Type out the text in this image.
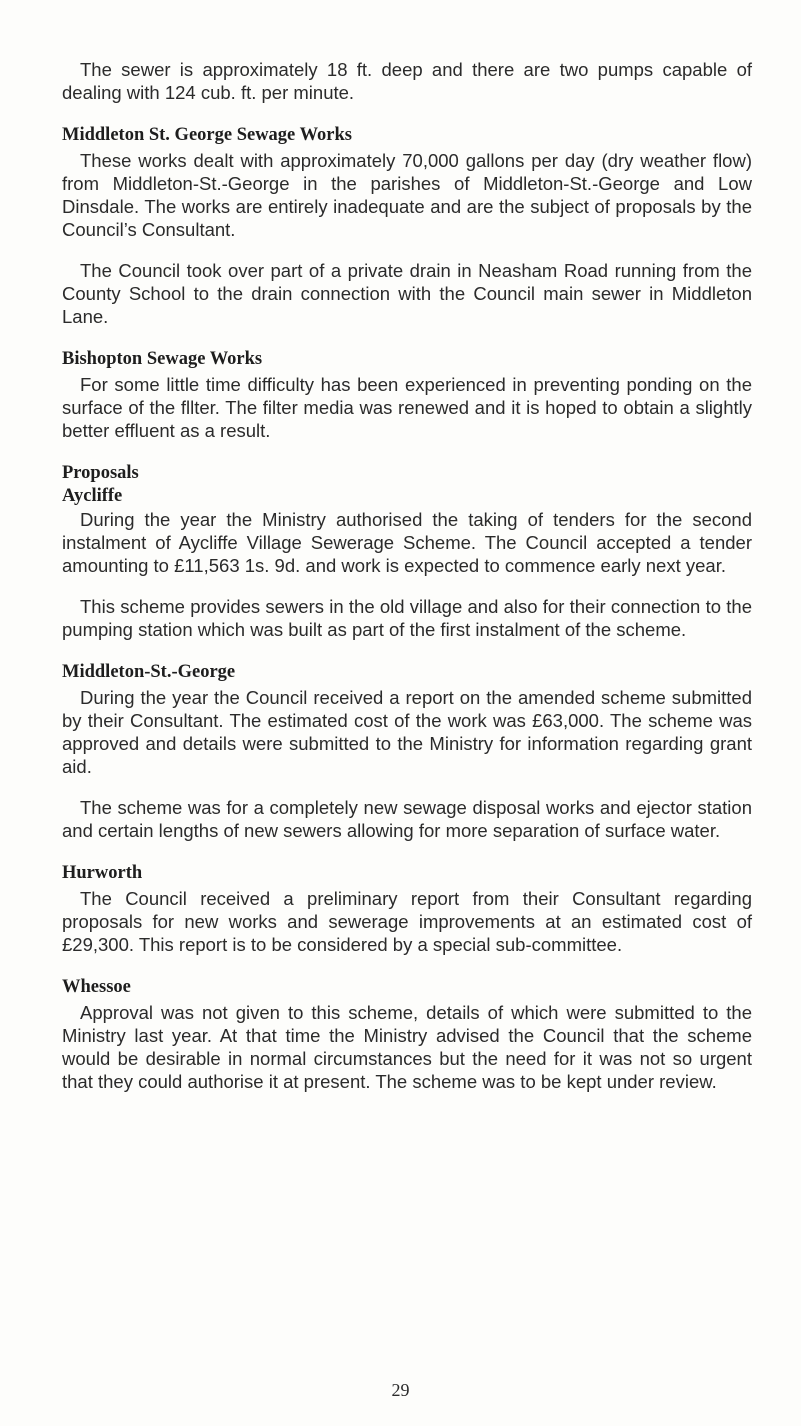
The sewer is approximately 18 ft. deep and there are two pumps capable of dealing with 124 cub. ft. per minute.

Middleton St. George Sewage Works

These works dealt with approximately 70,000 gallons per day (dry weather flow) from Middleton-St.-George in the parishes of Middleton-St.-George and Low Dinsdale. The works are entirely inadequate and are the subject of proposals by the Council’s Consultant.

The Council took over part of a private drain in Neasham Road running from the County School to the drain connection with the Council main sewer in Middleton Lane.

Bishopton Sewage Works

For some little time difficulty has been experienced in preventing ponding on the surface of the fllter. The filter media was renewed and it is hoped to obtain a slightly better effluent as a result.

Proposals
Aycliffe

During the year the Ministry authorised the taking of tenders for the second instalment of Aycliffe Village Sewerage Scheme. The Council accepted a tender amounting to £11,563 1s. 9d. and work is expected to commence early next year.

This scheme provides sewers in the old village and also for their connection to the pumping station which was built as part of the first instalment of the scheme.

Middleton-St.-George

During the year the Council received a report on the amended scheme submitted by their Consultant. The estimated cost of the work was £63,000. The scheme was approved and details were submitted to the Ministry for information regarding grant aid.

The scheme was for a completely new sewage disposal works and ejector station and certain lengths of new sewers allowing for more separation of surface water.

Hurworth

The Council received a preliminary report from their Consultant regarding proposals for new works and sewerage improvements at an estimated cost of £29,300. This report is to be considered by a special sub-committee.

Whessoe

Approval was not given to this scheme, details of which were submitted to the Ministry last year. At that time the Ministry advised the Council that the scheme would be desirable in normal circumstances but the need for it was not so urgent that they could authorise it at present. The scheme was to be kept under review.

29
